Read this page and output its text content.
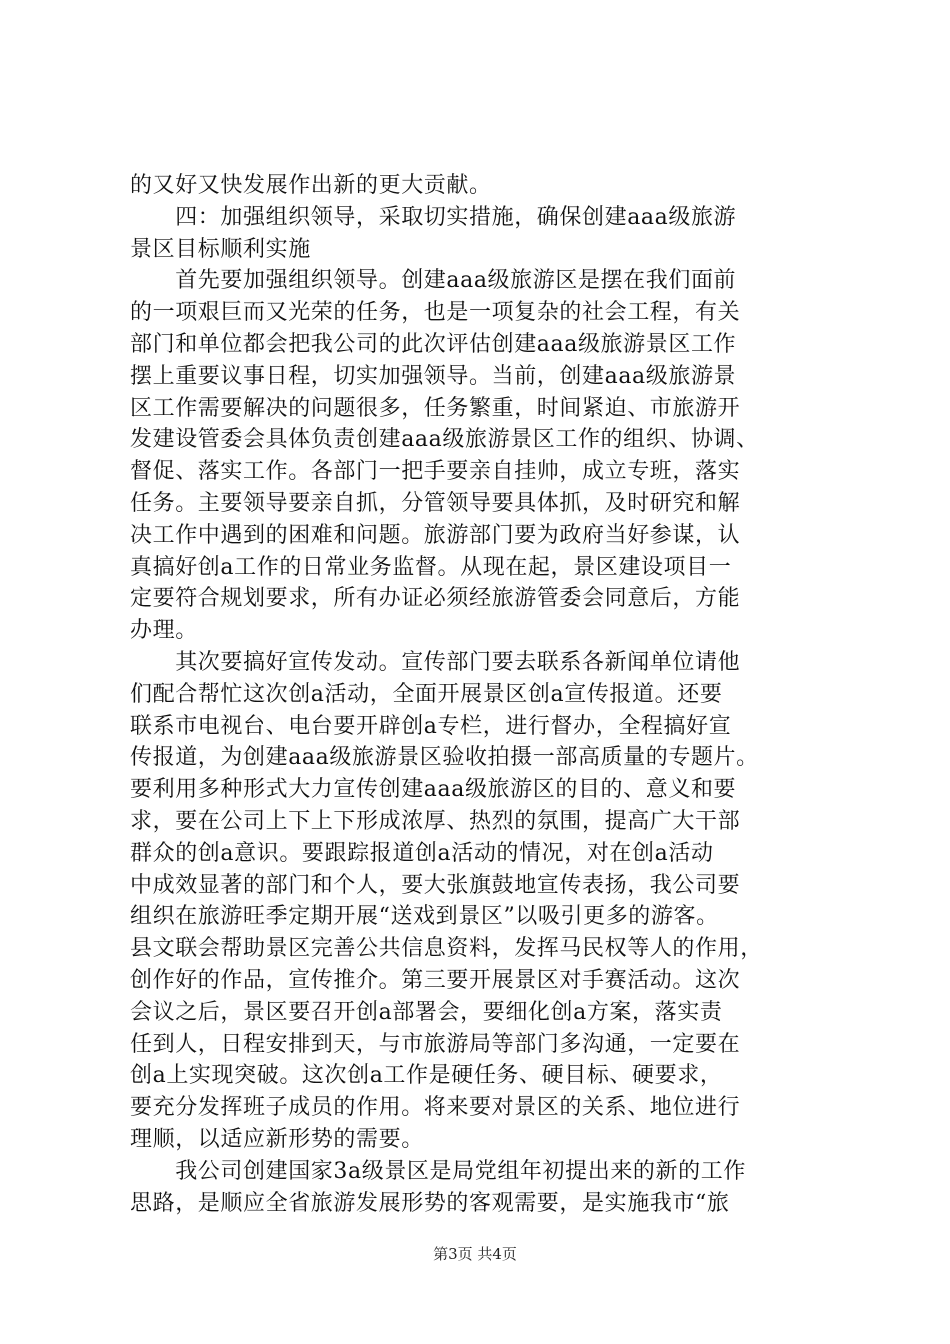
的又好又快发展作出新的更大贡献。

　　四：加强组织领导，采取切实措施，确保创建aaa级旅游
景区目标顺利实施

　　首先要加强组织领导。创建aaa级旅游区是摆在我们面前
的一项艰巨而又光荣的任务，也是一项复杂的社会工程，有关
部门和单位都会把我公司的此次评估创建aaa级旅游景区工作
摆上重要议事日程，切实加强领导。当前，创建aaa级旅游景
区工作需要解决的问题很多，任务繁重，时间紧迫、市旅游开
发建设管委会具体负责创建aaa级旅游景区工作的组织、协调、
督促、落实工作。各部门一把手要亲自挂帅，成立专班，落实
任务。主要领导要亲自抓，分管领导要具体抓，及时研究和解
决工作中遇到的困难和问题。旅游部门要为政府当好参谋，认
真搞好创a工作的日常业务监督。从现在起，景区建设项目一
定要符合规划要求，所有办证必须经旅游管委会同意后，方能
办理。

　　其次要搞好宣传发动。宣传部门要去联系各新闻单位请他
们配合帮忙这次创a活动，全面开展景区创a宣传报道。还要
联系市电视台、电台要开辟创a专栏，进行督办，全程搞好宣
传报道，为创建aaa级旅游景区验收拍摄一部高质量的专题片。
要利用多种形式大力宣传创建aaa级旅游区的目的、意义和要
求，要在公司上下上下形成浓厚、热烈的氛围，提高广大干部
群众的创a意识。要跟踪报道创a活动的情况，对在创a活动
中成效显著的部门和个人，要大张旗鼓地宣传表扬，我公司要
组织在旅游旺季定期开展“送戏到景区”以吸引更多的游客。
县文联会帮助景区完善公共信息资料，发挥马民权等人的作用，
创作好的作品，宣传推介。第三要开展景区对手赛活动。这次
会议之后，景区要召开创a部署会，要细化创a方案，落实责
任到人，日程安排到天，与市旅游局等部门多沟通，一定要在
创a上实现突破。这次创a工作是硬任务、硬目标、硬要求，
要充分发挥班子成员的作用。将来要对景区的关系、地位进行
理顺，以适应新形势的需要。

　　我公司创建国家3a级景区是局党组年初提出来的新的工作
思路，是顺应全省旅游发展形势的客观需要，是实施我市“旅

第3页 共4页
